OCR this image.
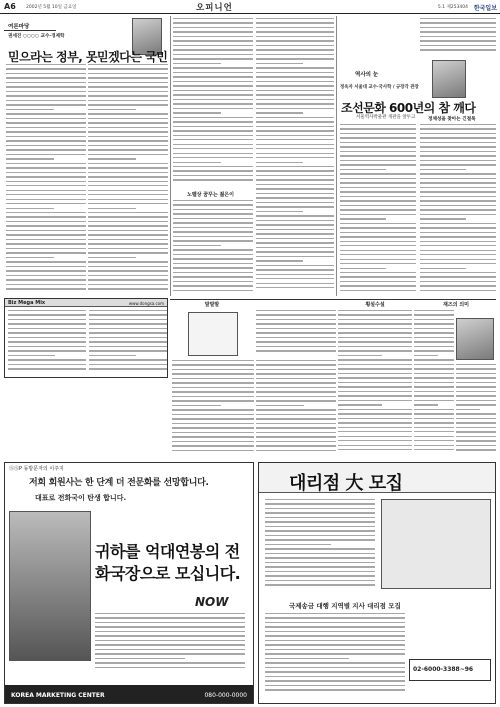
A6 2002년 5월 10일 금요일	오피니언	5.1 제253404 한국일보
여론마당
권세진 ○○○○ 교수·경제학
믿으라는 정부, 못믿겠다는 국민
노벨상 꿈꾸는 젊은이
역사의 눈
정옥자 서울대 교수·국사학 / 규장각 관장
조선문화 600년의 참 깨다
서울역사박물관 개관을 앞두고	정체성을 찾아는 긴절목
Biz Mega Mix	www.dongsa.com	말말말	횡설수설	재즈의 의미
ⓈⓈP 동방문자의 이주지
저희 회원사는 한 단계 더 전문화를 선망합니다.
대표로 전화국이 탄생 합니다.
귀하를 억대연봉의 전화국장으로 모십니다.
NOW
KOREA MARKETING CENTER	080-000-0000
대리점 大 모집
국제송금 대행 지역별 지사 대리점 모집
02-6000-3388~96
